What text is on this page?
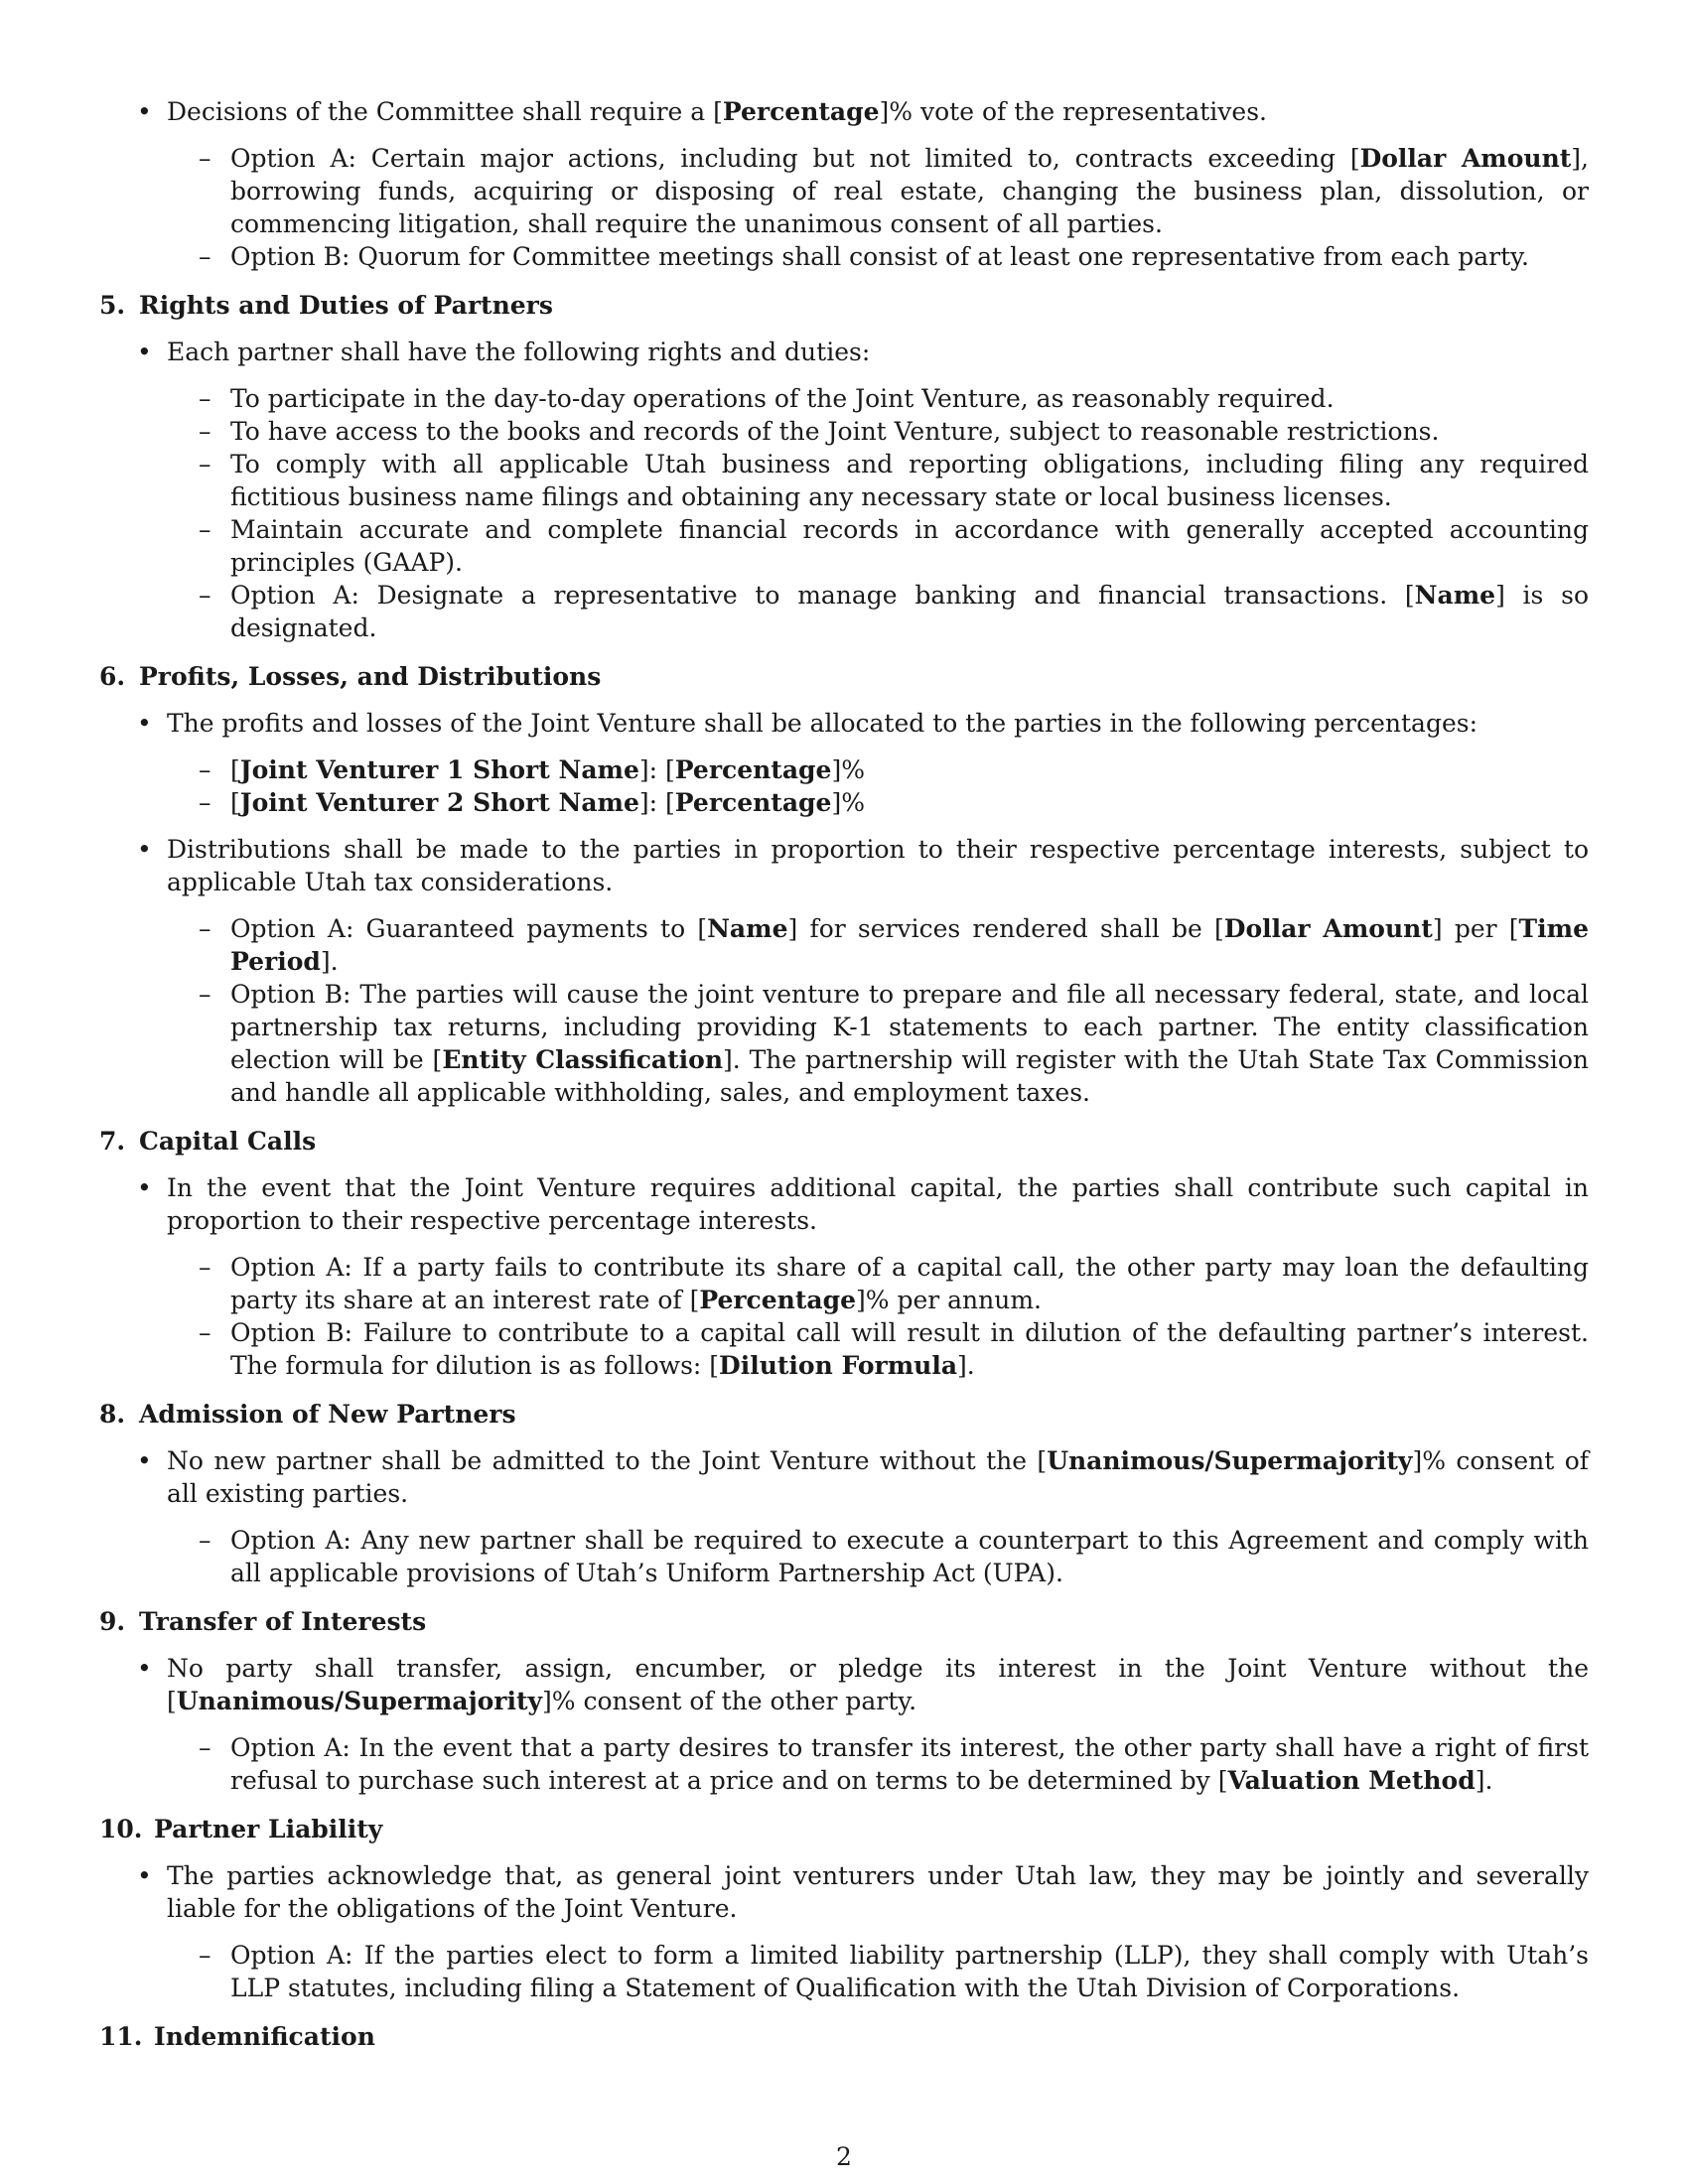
• Decisions of the Committee shall require a [Percentage]% vote of the representatives.
– Option A: Certain major actions, including but not limited to, contracts exceeding [Dollar Amount], borrowing funds, acquiring or disposing of real estate, changing the business plan, dissolution, or commencing litigation, shall require the unanimous consent of all parties.
– Option B: Quorum for Committee meetings shall consist of at least one representative from each party.
5. Rights and Duties of Partners
• Each partner shall have the following rights and duties:
– To participate in the day-to-day operations of the Joint Venture, as reasonably required.
– To have access to the books and records of the Joint Venture, subject to reasonable restrictions.
– To comply with all applicable Utah business and reporting obligations, including filing any required fictitious business name filings and obtaining any necessary state or local business licenses.
– Maintain accurate and complete financial records in accordance with generally accepted accounting principles (GAAP).
– Option A: Designate a representative to manage banking and financial transactions. [Name] is so designated.
6. Profits, Losses, and Distributions
• The profits and losses of the Joint Venture shall be allocated to the parties in the following percentages:
– [Joint Venturer 1 Short Name]: [Percentage]%
– [Joint Venturer 2 Short Name]: [Percentage]%
• Distributions shall be made to the parties in proportion to their respective percentage interests, subject to applicable Utah tax considerations.
– Option A: Guaranteed payments to [Name] for services rendered shall be [Dollar Amount] per [Time Period].
– Option B: The parties will cause the joint venture to prepare and file all necessary federal, state, and local partnership tax returns, including providing K-1 statements to each partner. The entity classification election will be [Entity Classification]. The partnership will register with the Utah State Tax Commission and handle all applicable withholding, sales, and employment taxes.
7. Capital Calls
• In the event that the Joint Venture requires additional capital, the parties shall contribute such capital in proportion to their respective percentage interests.
– Option A: If a party fails to contribute its share of a capital call, the other party may loan the defaulting party its share at an interest rate of [Percentage]% per annum.
– Option B: Failure to contribute to a capital call will result in dilution of the defaulting partner’s interest. The formula for dilution is as follows: [Dilution Formula].
8. Admission of New Partners
• No new partner shall be admitted to the Joint Venture without the [Unanimous/Supermajority]% consent of all existing parties.
– Option A: Any new partner shall be required to execute a counterpart to this Agreement and comply with all applicable provisions of Utah’s Uniform Partnership Act (UPA).
9. Transfer of Interests
• No party shall transfer, assign, encumber, or pledge its interest in the Joint Venture without the [Unanimous/Supermajority]% consent of the other party.
– Option A: In the event that a party desires to transfer its interest, the other party shall have a right of first refusal to purchase such interest at a price and on terms to be determined by [Valuation Method].
10. Partner Liability
• The parties acknowledge that, as general joint venturers under Utah law, they may be jointly and severally liable for the obligations of the Joint Venture.
– Option A: If the parties elect to form a limited liability partnership (LLP), they shall comply with Utah’s LLP statutes, including filing a Statement of Qualification with the Utah Division of Corporations.
11. Indemnification
2
